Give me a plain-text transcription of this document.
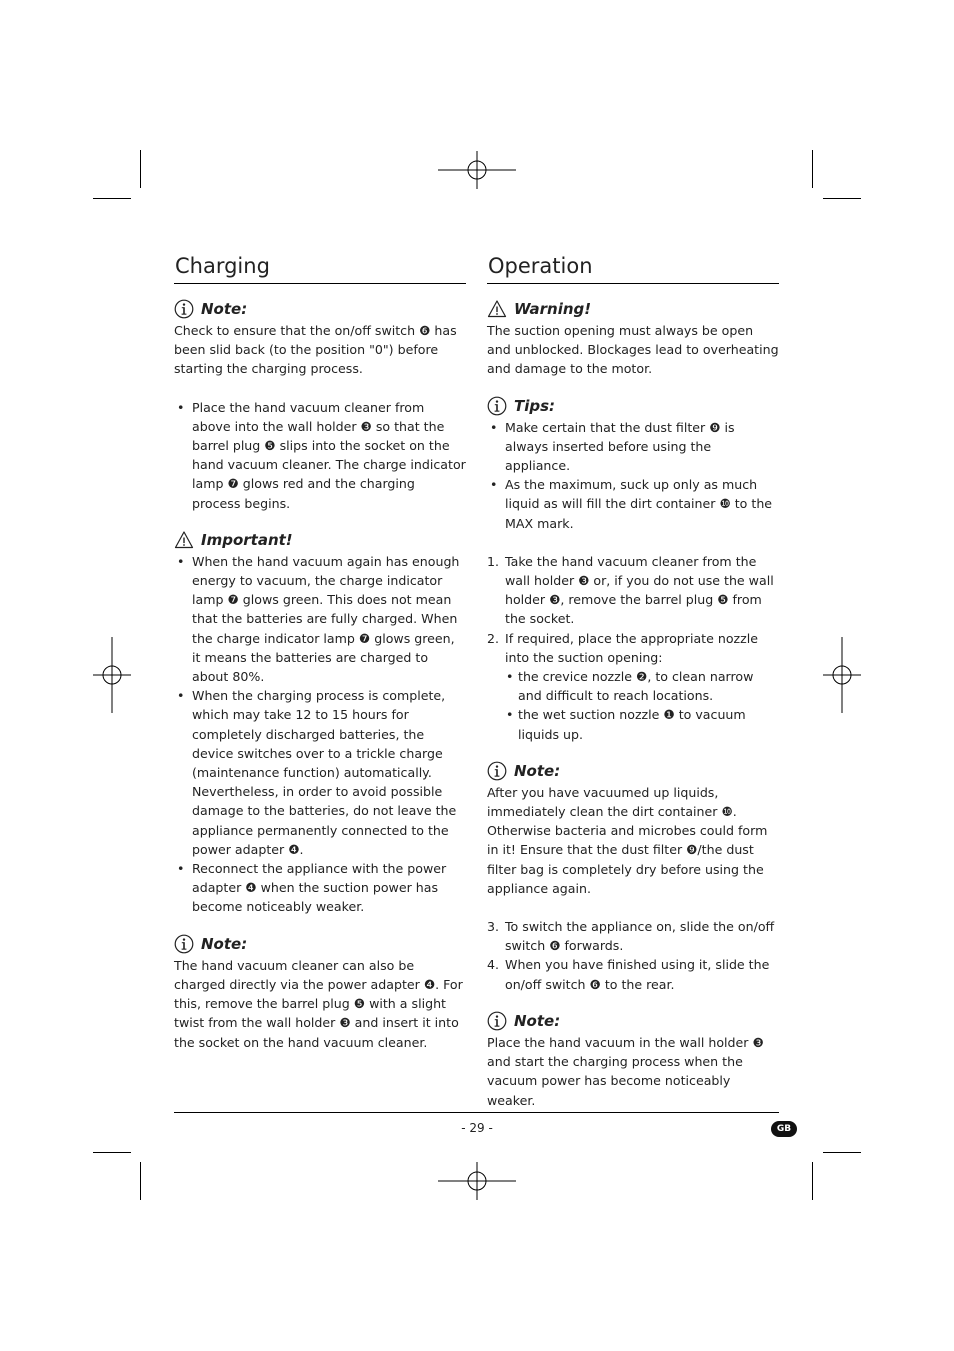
Charging
Note:

Check to ensure that the on/off switch ❻ has been slid back (to the position "0") before starting the charging process.

• Place the hand vacuum cleaner from above into the wall holder ❸ so that the barrel plug ❺ slips into the socket on the hand vacuum cleaner. The charge indicator lamp ❼ glows red and the charging process begins.
Important!
• When the hand vacuum again has enough energy to vacuum, the charge indicator lamp ❼ glows green. This does not mean that the batteries are fully charged. When the charge indicator lamp ❼ glows green, it means the batteries are charged to about 80%.
• When the charging process is complete, which may take 12 to 15 hours for completely discharged batteries, the device switches over to a trickle charge (maintenance function) automatically. Nevertheless, in order to avoid possible damage to the batteries, do not leave the appliance permanently connected to the power adapter ❹.
• Reconnect the appliance with the power adapter ❹ when the suction power has become noticeably weaker.
Note:

The hand vacuum cleaner can also be charged directly via the power adapter ❹. For this, remove the barrel plug ❺ with a slight twist from the wall holder ❸ and insert it into the socket on the hand vacuum cleaner.

Operation
Warning!

The suction opening must always be open and unblocked. Blockages lead to overheating and damage to the motor.

Tips:
• Make certain that the dust filter ❾ is always inserted before using the appliance.
• As the maximum, suck up only as much liquid as will fill the dirt container ❿ to the MAX mark.
1. Take the hand vacuum cleaner from the wall holder ❸ or, if you do not use the wall holder ❸, remove the barrel plug ❺ from the socket.
2. If required, place the appropriate nozzle into the suction opening:
• the crevice nozzle ❷, to clean narrow and difficult to reach locations.
• the wet suction nozzle ❶ to vacuum liquids up.
Note:

After you have vacuumed up liquids, immediately clean the dirt container ❿. Otherwise bacteria and microbes could form in it! Ensure that the dust filter ❾/the dust filter bag is completely dry before using the appliance again.

3. To switch the appliance on, slide the on/off switch ❻ forwards.
4. When you have finished using it, slide the on/off switch ❻ to the rear.
Note:

Place the hand vacuum in the wall holder ❸ and start the charging process when the vacuum power has become noticeably weaker.

- 29 -	GB
